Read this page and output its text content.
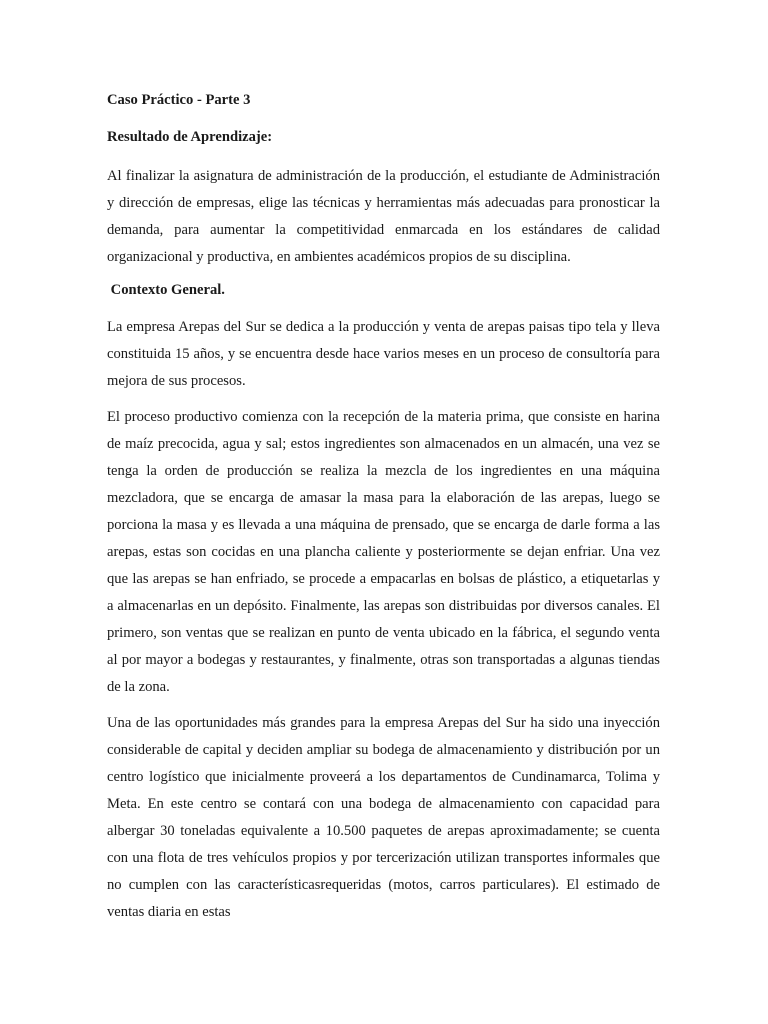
Caso Práctico - Parte 3

Resultado de Aprendizaje:

Al finalizar la asignatura de administración de la producción, el estudiante de Administración y dirección de empresas, elige las técnicas y herramientas más adecuadas para pronosticar la demanda, para aumentar la competitividad enmarcada en los estándares de calidad organizacional y productiva, en ambientes académicos propios de su disciplina.

Contexto General.

La empresa Arepas del Sur se dedica a la producción y venta de arepas paisas tipo tela y lleva constituida 15 años, y se encuentra desde hace varios meses en un proceso de consultoría para mejora de sus procesos.

El proceso productivo comienza con la recepción de la materia prima, que consiste en harina de maíz precocida, agua y sal; estos ingredientes son almacenados en un almacén, una vez se tenga la orden de producción se realiza la mezcla de los ingredientes en una máquina mezcladora, que se encarga de amasar la masa para la elaboración de las arepas, luego se porciona la masa y es llevada a una máquina de prensado, que se encarga de darle forma a las arepas, estas son cocidas en una plancha caliente y posteriormente se dejan enfriar. Una vez que las arepas se han enfriado, se procede a empacarlas en bolsas de plástico, a etiquetarlas y a almacenarlas en un depósito. Finalmente, las arepas son distribuidas por diversos canales. El primero, son ventas que se realizan en punto de venta ubicado en la fábrica, el segundo venta al por mayor a bodegas y restaurantes, y finalmente, otras son transportadas a algunas tiendas de la zona.

Una de las oportunidades más grandes para la empresa Arepas del Sur ha sido una inyección considerable de capital y deciden ampliar su bodega de almacenamiento y distribución por un centro logístico que inicialmente proveerá a los departamentos de Cundinamarca, Tolima y Meta. En este centro se contará con una bodega de almacenamiento con capacidad para albergar 30 toneladas equivalente a 10.500 paquetes de arepas aproximadamente; se cuenta con una flota de tres vehículos propios y por tercerización utilizan transportes informales que no cumplen con las característicasrequeridas (motos, carros particulares). El estimado de ventas diaria en estas
